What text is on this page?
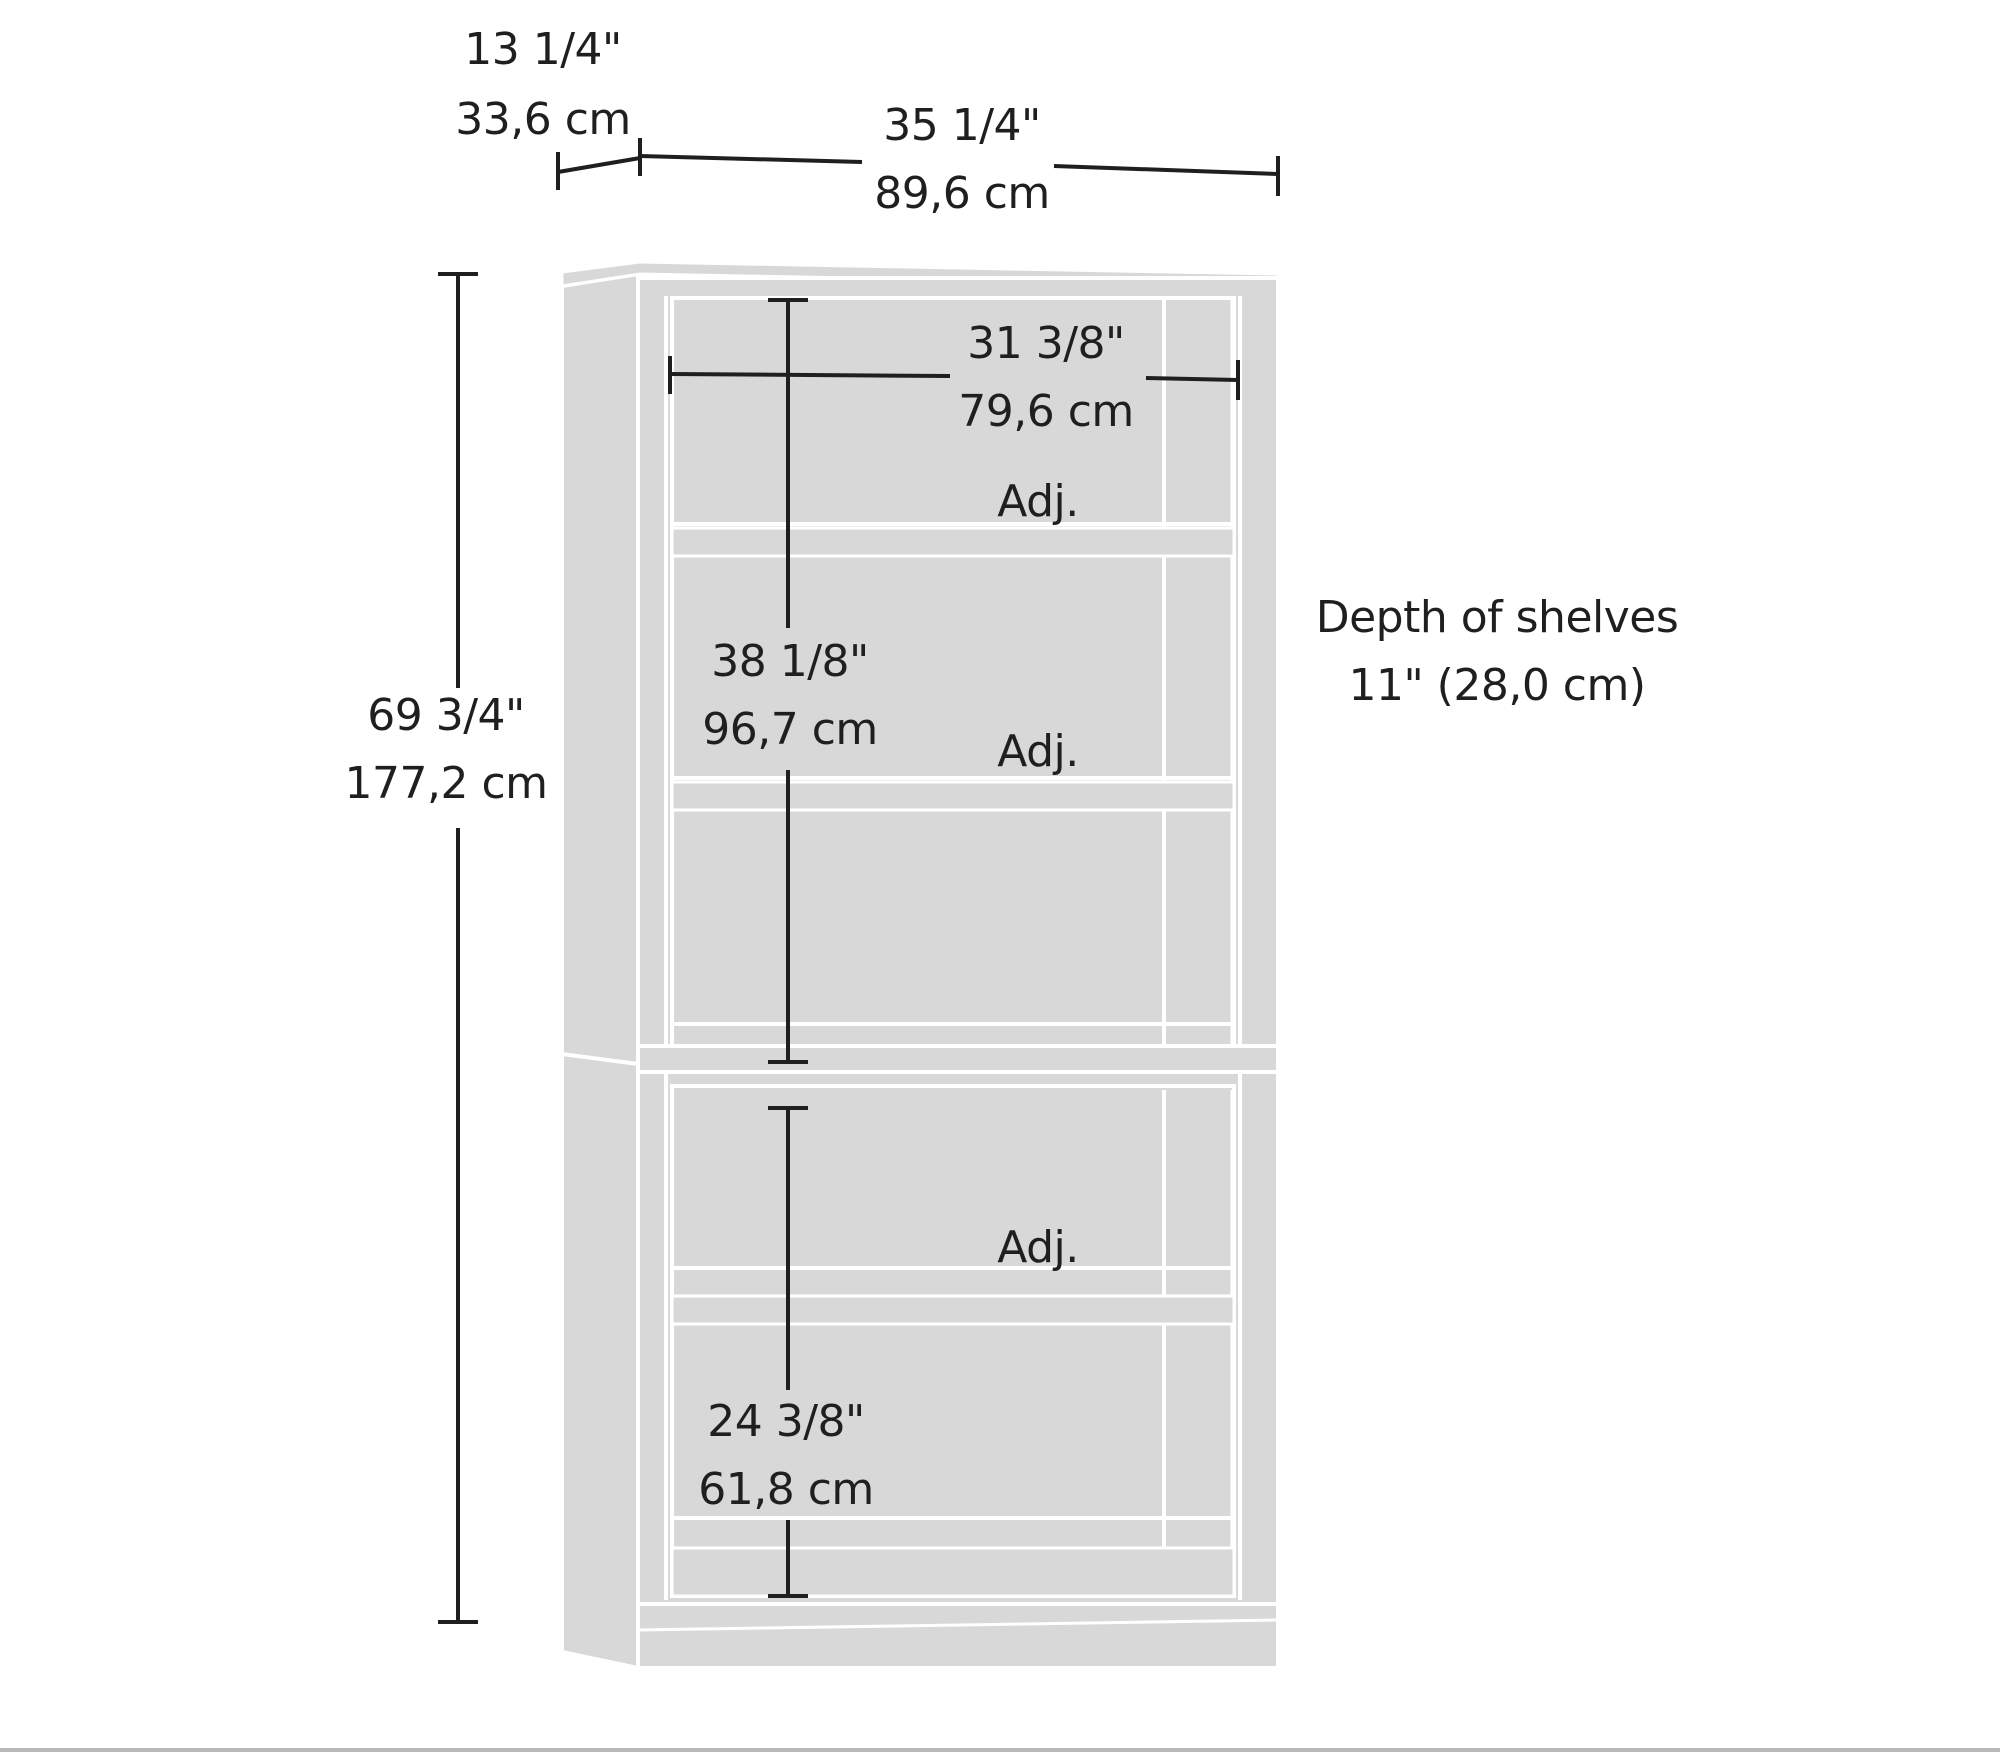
13 1/4"
33,6 cm	35 1/4"
89,6 cm
31 3/8"
79,6 cm
69 3/4"
177,2 cm
38 1/8"
96,7 cm
24 3/8"
61,8 cm
Adj.
Adj.
Adj.
Depth of shelves
11" (28,0 cm)
